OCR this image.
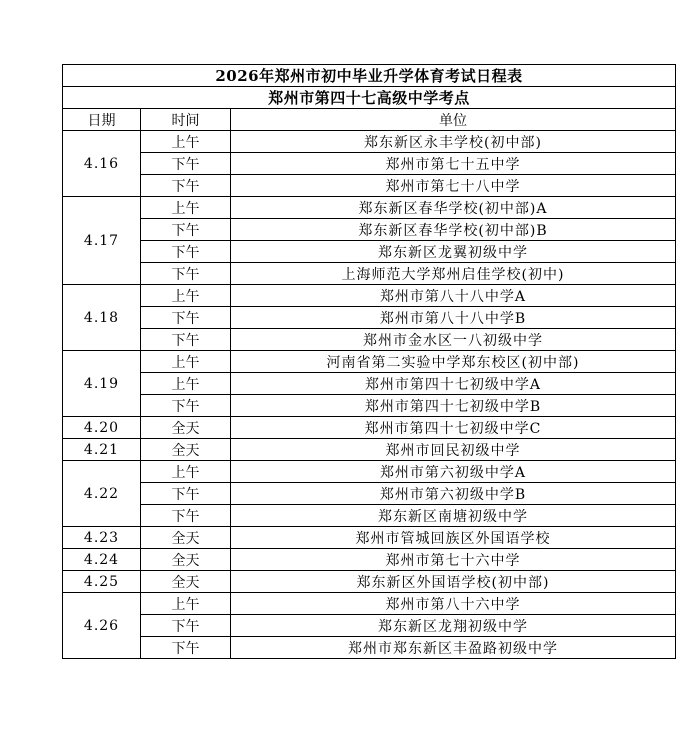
2026年郑州市初中毕业升学体育考试日程表		
郑州市第四十七高级中学考点		
日期	时间	单位
4.16	上午	郑东新区永丰学校(初中部)
	下午	郑州市第七十五中学
	下午	郑州市第七十八中学
4.17	上午	郑东新区春华学校(初中部)A
	下午	郑东新区春华学校(初中部)B
	下午	郑东新区龙翼初级中学
	下午	上海师范大学郑州启佳学校(初中)
4.18	上午	郑州市第八十八中学A
	下午	郑州市第八十八中学B
	下午	郑州市金水区一八初级中学
4.19	上午	河南省第二实验中学郑东校区(初中部)
	上午	郑州市第四十七初级中学A
	下午	郑州市第四十七初级中学B
4.20	全天	郑州市第四十七初级中学C
4.21	全天	郑州市回民初级中学
4.22	上午	郑州市第六初级中学A
	下午	郑州市第六初级中学B
	下午	郑东新区南塘初级中学
4.23	全天	郑州市管城回族区外国语学校
4.24	全天	郑州市第七十六中学
4.25	全天	郑东新区外国语学校(初中部)
4.26	上午	郑州市第八十六中学
	下午	郑东新区龙翔初级中学
	下午	郑州市郑东新区丰盈路初级中学
